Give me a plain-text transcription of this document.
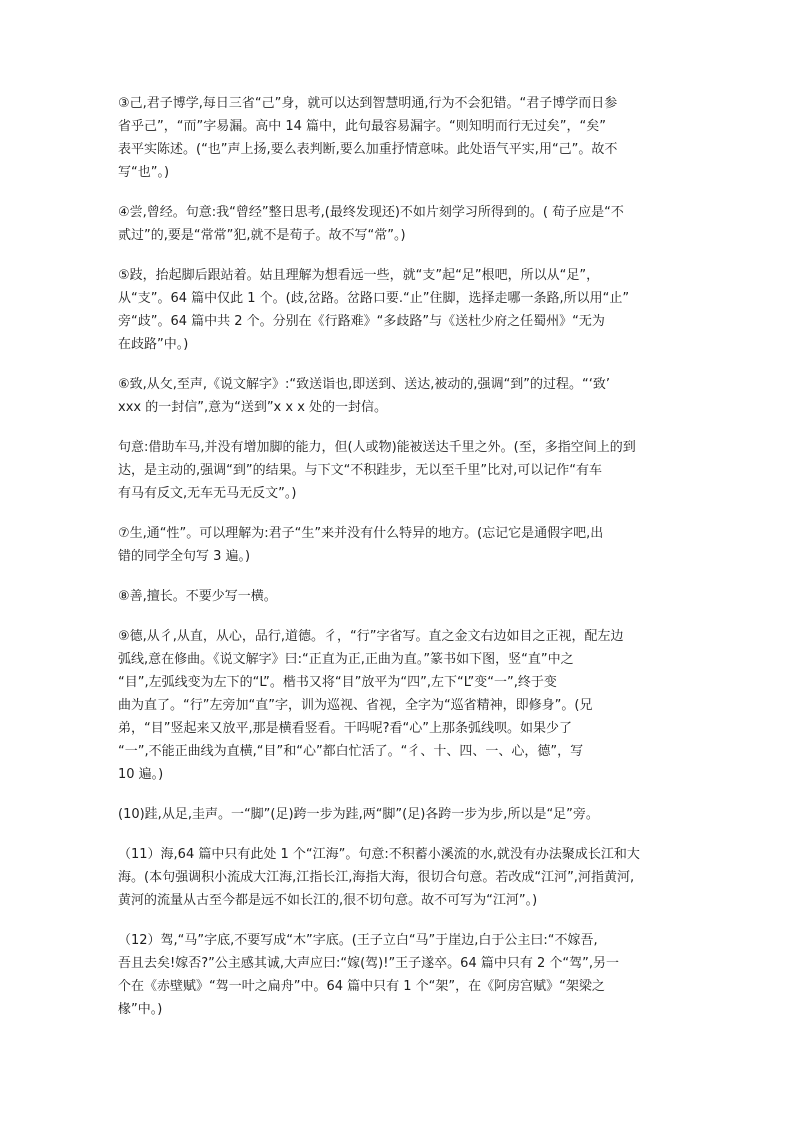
③己,君子博学,每日三省“己”身，就可以达到智慧明通,行为不会犯错。“君子博学而日参
省乎己”，“而”字易漏。高中 14 篇中，此句最容易漏字。“则知明而行无过矣”，“矣”
表平实陈述。(“也”声上扬,要么表判断,要么加重抒情意味。此处语气平实,用“己”。故不
写“也”。)
④尝,曾经。句意:我“曾经”整日思考,(最终发现还)不如片刻学习所得到的。( 荀子应是“不
贰过”的,要是“常常”犯,就不是荀子。故不写“常”。)
⑤跂，抬起脚后跟站着。姑且理解为想看远一些，就“支”起“足”根吧，所以从“足”，
从“支”。64 篇中仅此 1 个。(歧,岔路。岔路口要.“止”住脚，选择走哪一条路,所以用“止”
旁“歧”。64 篇中共 2 个。分别在《行路难》“多歧路”与《送杜少府之任蜀州》“无为
在歧路”中。)
⑥致,从攵,至声,《说文解字》:“致送诣也,即送到、送达,被动的,强调“到”的过程。“‘致’
xxx 的一封信”,意为“送到”x x x 处的一封信。
句意:借助车马,并没有增加脚的能力，但(人或物)能被送达千里之外。(至，多指空间上的到
达，是主动的,强调“到”的结果。与下文“不积跬步，无以至千里”比对,可以记作“有车
有马有反文,无车无马无反文”。)
⑦生,通“性”。可以理解为:君子“生”来并没有什么特异的地方。(忘记它是通假字吧,出
错的同学全句写 3 遍。)
⑧善,擅长。不要少写一横。
⑨德,从彳,从直，从心，品行,道德。彳，“行”字省写。直之金文右边如目之正视，配左边
弧线,意在修曲。《说文解字》曰:“正直为正,正曲为直。”篆书如下图，竖“直”中之
“目”,左弧线变为左下的“L”。楷书又将“目”放平为“四”,左下“L”变“一”,终于变
曲为直了。“行”左旁加“直”字，训为巡视、省视，全字为“巡省精神，即修身”。(兄
弟，“目”竖起来又放平,那是横看竖看。干吗呢?看“心”上那条弧线呗。如果少了
“一”,不能正曲线为直横,“目”和“心”都白忙活了。“彳、十、四、一、心，德”，写
10 遍。)
(10)跬,从足,圭声。一“脚”(足)跨一步为跬,两“脚”(足)各跨一步为步,所以是“足”旁。
（11）海,64 篇中只有此处 1 个“江海”。句意:不积蓄小溪流的水,就没有办法聚成长江和大
海。(本句强调积小流成大江海,江指长江,海指大海，很切合句意。若改成“江河”,河指黄河,
黄河的流量从古至今都是远不如长江的,很不切句意。故不可写为“江河”。)
（12）驾,“马”字底,不要写成“木”字底。(王子立白“马”于崖边,白于公主曰:“不嫁吾,
吾且去矣!嫁否?”公主感其诚,大声应曰:“嫁(驾)!”王子遂卒。64 篇中只有 2 个“驾”,另一
个在《赤壁赋》“驾一叶之扁舟”中。64 篇中只有 1 个“架”，在《阿房宫赋》“架梁之
椽”中。)
